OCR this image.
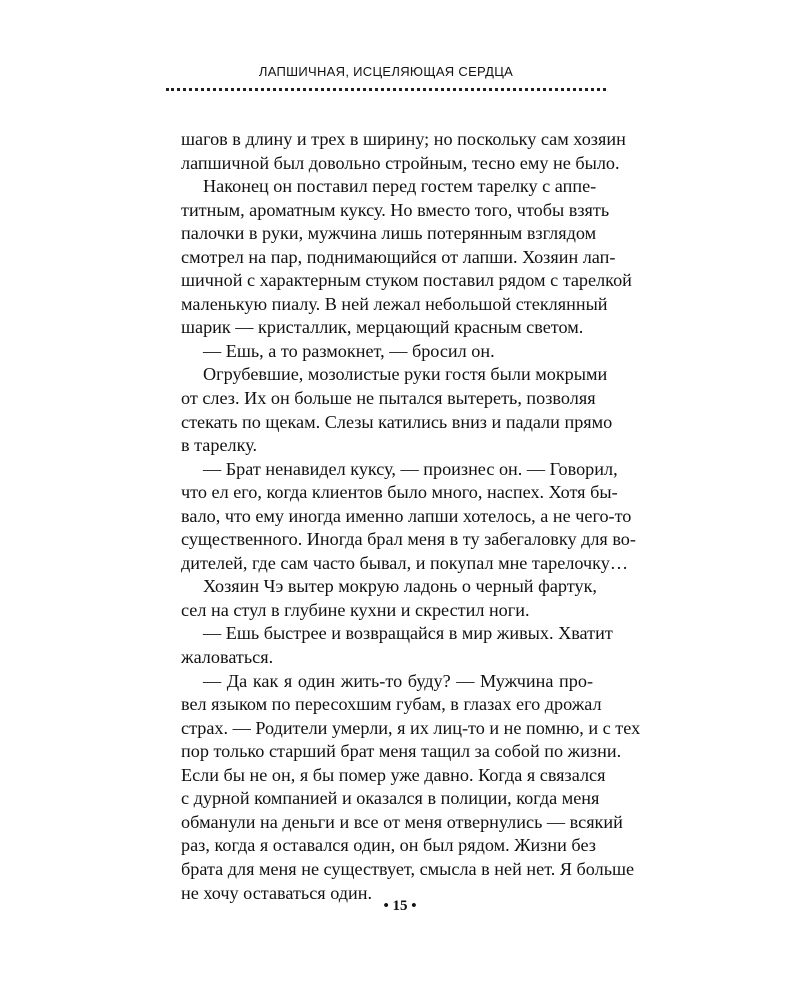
ЛАПШИЧНАЯ, ИСЦЕЛЯЮЩАЯ СЕРДЦА
шагов в длину и трех в ширину; но поскольку сам хозяин
лапшичной был довольно стройным, тесно ему не было.
Наконец он поставил перед гостем тарелку с аппе-
титным, ароматным куксу. Но вместо того, чтобы взять
палочки в руки, мужчина лишь потерянным взглядом
смотрел на пар, поднимающийся от лапши. Хозяин лап-
шичной с характерным стуком поставил рядом с тарелкой
маленькую пиалу. В ней лежал небольшой стеклянный
шарик — кристаллик, мерцающий красным светом.
— Ешь, а то размокнет, — бросил он.
Огрубевшие, мозолистые руки гостя были мокрыми
от слез. Их он больше не пытался вытереть, позволяя
стекать по щекам. Слезы катились вниз и падали прямо
в тарелку.
— Брат ненавидел куксу, — произнес он. — Говорил,
что ел его, когда клиентов было много, наспех. Хотя бы-
вало, что ему иногда именно лапши хотелось, а не чего-то
существенного. Иногда брал меня в ту забегаловку для во-
дителей, где сам часто бывал, и покупал мне тарелочку…
Хозяин Чэ вытер мокрую ладонь о черный фартук,
сел на стул в глубине кухни и скрестил ноги.
— Ешь быстрее и возвращайся в мир живых. Хватит
жаловаться.
— Да как я один жить-то буду? — Мужчина про-
вел языком по пересохшим губам, в глазах его дрожал
страх. — Родители умерли, я их лиц-то и не помню, и с тех
пор только старший брат меня тащил за собой по жизни.
Если бы не он, я бы помер уже давно. Когда я связался
с дурной компанией и оказался в полиции, когда меня
обманули на деньги и все от меня отвернулись — всякий
раз, когда я оставался один, он был рядом. Жизни без
брата для меня не существует, смысла в ней нет. Я больше
не хочу оставаться один.
• 15 •
